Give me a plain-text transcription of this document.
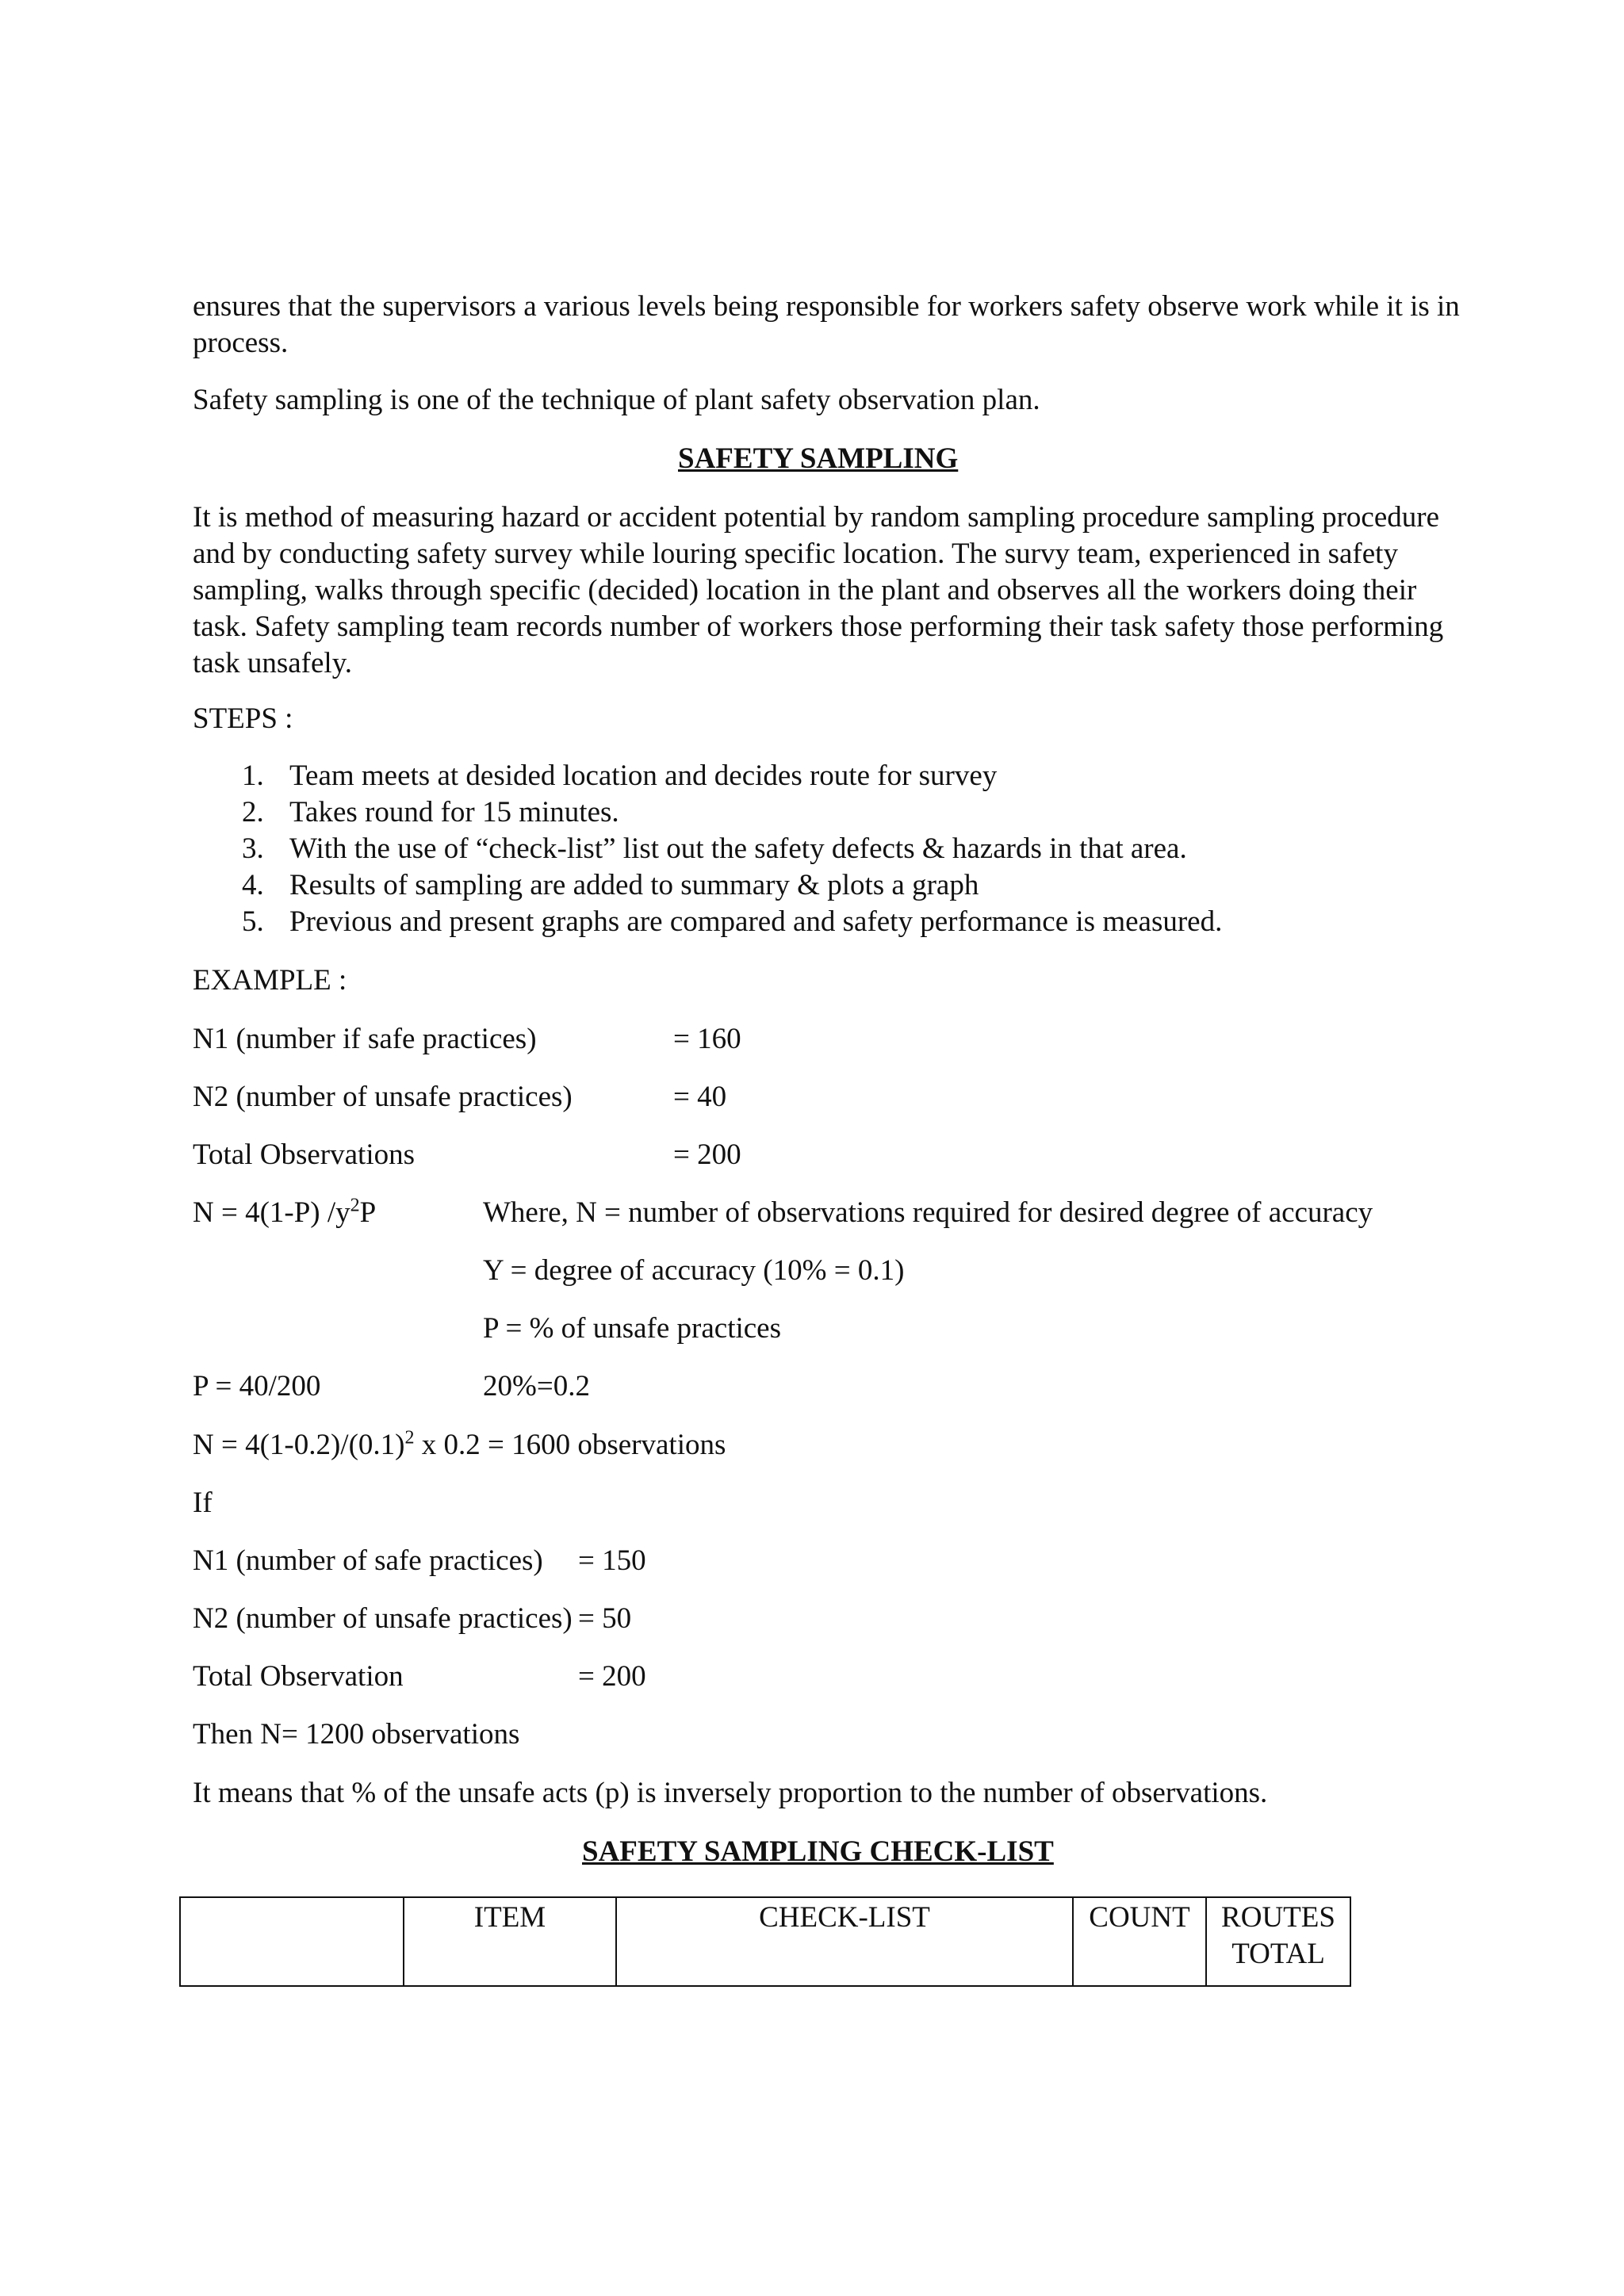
ensures that the supervisors a various levels being responsible for workers safety observe work while it is in process.
Safety sampling is one of the technique of plant safety observation plan.
SAFETY SAMPLING
It is method of measuring hazard or accident potential by random sampling procedure sampling procedure and by conducting safety survey while louring specific location. The survy team, experienced in safety sampling, walks through specific (decided) location in the plant and observes all the workers doing their task. Safety sampling team records number of workers those performing their task safety those performing task unsafely.
STEPS :
1. Team meets at desided location and decides route for survey
2. Takes round for 15 minutes.
3. With the use of “check-list” list out the safety defects & hazards in that area.
4. Results of sampling are added to summary & plots a graph
5. Previous and present graphs are compared and safety performance is measured.
EXAMPLE :
N1 (number if safe practices)	= 160
N2 (number of unsafe practices)	= 40
Total Observations	= 200
N = 4(1-P) $/y^2P$	Where, N = number of observations required for desired degree of accuracy
Y = degree of accuracy (10% = 0.1)
P = % of unsafe practices
P = 40/200	20%=0.2
$N = 4(1-0.2)/(0.1)^2$ x 0.2 = 1600 observations
If
N1 (number of safe practices) = 150
N2 (number of unsafe practices) = 50
Total Observation	= 200
Then N= 1200 observations
It means that % of the unsafe acts (p) is inversely proportion to the number of observations.
SAFETY SAMPLING CHECK-LIST
	ITEM	CHECK-LIST	COUNT	ROUTES TOTAL
